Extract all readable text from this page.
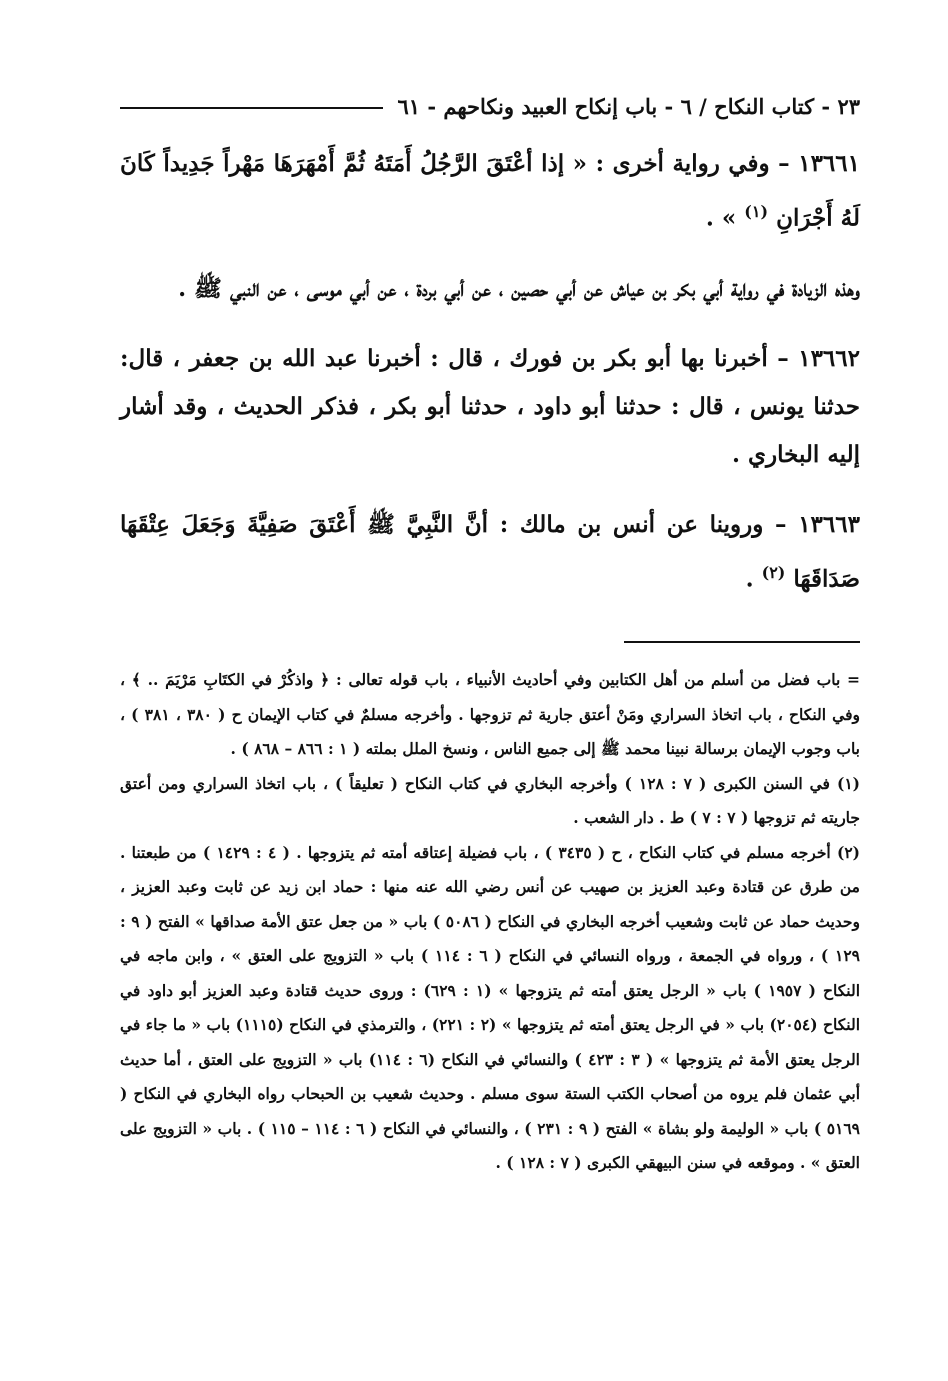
٢٣ - كتاب النكاح / ٦ - باب إنكاح العبيد ونكاحهم - ٦١

١٣٦٦١ – وفي رواية أخرى : « إذا أعْتَقَ الرَّجُلُ أَمَتَهُ ثُمَّ أَمْهَرَهَا مَهْراً جَدِيداً كَانَ لَهُ أَجْرَانِ $^{(١)}$ » .

وهذه الزيادة في رواية أبي بكر بن عياش عن أبي حصين ، عن أبي بردة ، عن أبي موسى ، عن النبي ﷺ .

١٣٦٦٢ – أخبرنا بها أبو بكر بن فورك ، قال : أخبرنا عبد الله بن جعفر ، قال: حدثنا يونس ، قال : حدثنا أبو داود ، حدثنا أبو بكر ، فذكر الحديث ، وقد أشار إليه البخاري .

١٣٦٦٣ – وروينا عن أنس بن مالك : أنَّ النَّبِيَّ ﷺ أَعْتَقَ صَفِيَّةَ وَجَعَلَ عِتْقَهَا صَدَاقَهَا $^{(٢)}$ .

= باب فضل من أسلم من أهل الكتابين وفي أحاديث الأنبياء ، باب قوله تعالى : ﴿ واذكُرْ في الكتَابِ مَرْيَمَ .. ﴾ ، وفي النكاح ، باب اتخاذ السراري ومَنْ أعتق جارية ثم تزوجها . وأخرجه مسلمٌ في كتاب الإيمان ح ( ٣٨٠ ، ٣٨١ ) ، باب وجوب الإيمان برسالة نبينا محمد ﷺ إلى جميع الناس ، ونسخ الملل بملته ( ١ : ٨٦٦ – ٨٦٨ ) .

(١) في السنن الكبرى ( ٧ : ١٢٨ ) وأخرجه البخاري في كتاب النكاح ( تعليقاً ) ، باب اتخاذ السراري ومن أعتق جاريته ثم تزوجها ( ٧ : ٧ ) ط . دار الشعب .

(٢) أخرجه مسلم في كتاب النكاح ، ح ( ٣٤٣٥ ) ، باب فضيلة إعتاقه أمته ثم يتزوجها . ( ٤ : ١٤٢٩ ) من طبعتنا . من طرق عن قتادة وعبد العزيز بن صهيب عن أنس رضي الله عنه منها : حماد ابن زيد عن ثابت وعبد العزيز ، وحديث حماد عن ثابت وشعيب أخرجه البخاري في النكاح ( ٥٠٨٦ ) باب « من جعل عتق الأمة صداقها » الفتح ( ٩ : ١٢٩ ) ، ورواه في الجمعة ، ورواه النسائي في النكاح ( ٦ : ١١٤ ) باب « التزويج على العتق » ، وابن ماجه في النكاح ( ١٩٥٧ ) باب « الرجل يعتق أمته ثم يتزوجها » (١ : ٦٢٩) : وروى حديث قتادة وعبد العزيز أبو داود في النكاح (٢٠٥٤) باب « في الرجل يعتق أمته ثم يتزوجها » (٢ : ٢٢١) ، والترمذي في النكاح (١١١٥) باب « ما جاء في الرجل يعتق الأمة ثم يتزوجها » ( ٣ : ٤٢٣ ) والنسائي في النكاح (٦ : ١١٤) باب « التزويج على العتق ، أما حديث أبي عثمان فلم يروه من أصحاب الكتب الستة سوى مسلم . وحديث شعيب بن الحبحاب رواه البخاري في النكاح ( ٥١٦٩ ) باب « الوليمة ولو بشاة » الفتح ( ٩ : ٢٣١ ) ، والنسائي في النكاح ( ٦ : ١١٤ – ١١٥ ) . باب « التزويج على العتق » . وموقعه في سنن البيهقي الكبرى ( ٧ : ١٢٨ ) .
